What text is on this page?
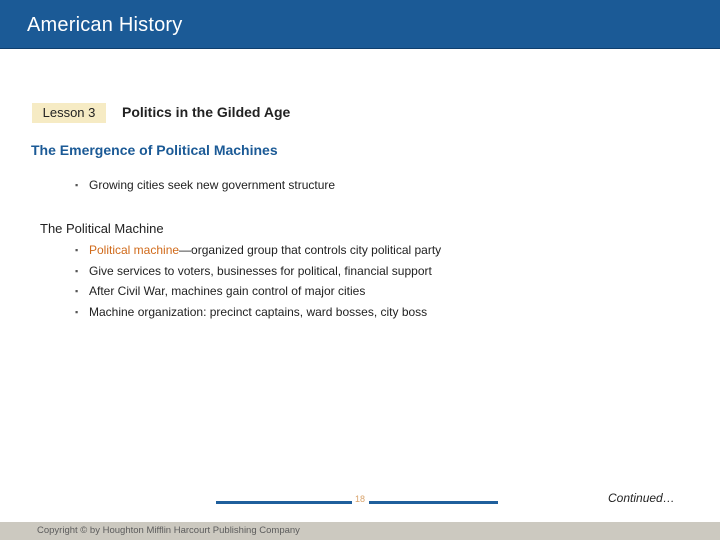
American History
Lesson 3	Politics in the Gilded Age
The Emergence of Political Machines
▪ Growing cities seek new government structure
The Political Machine
▪ Political machine—organized group that controls city political party
▪ Give services to voters, businesses for political, financial support
▪ After Civil War, machines gain control of major cities
▪ Machine organization: precinct captains, ward bosses, city boss
18	Continued…
Copyright © by Houghton Mifflin Harcourt Publishing Company
